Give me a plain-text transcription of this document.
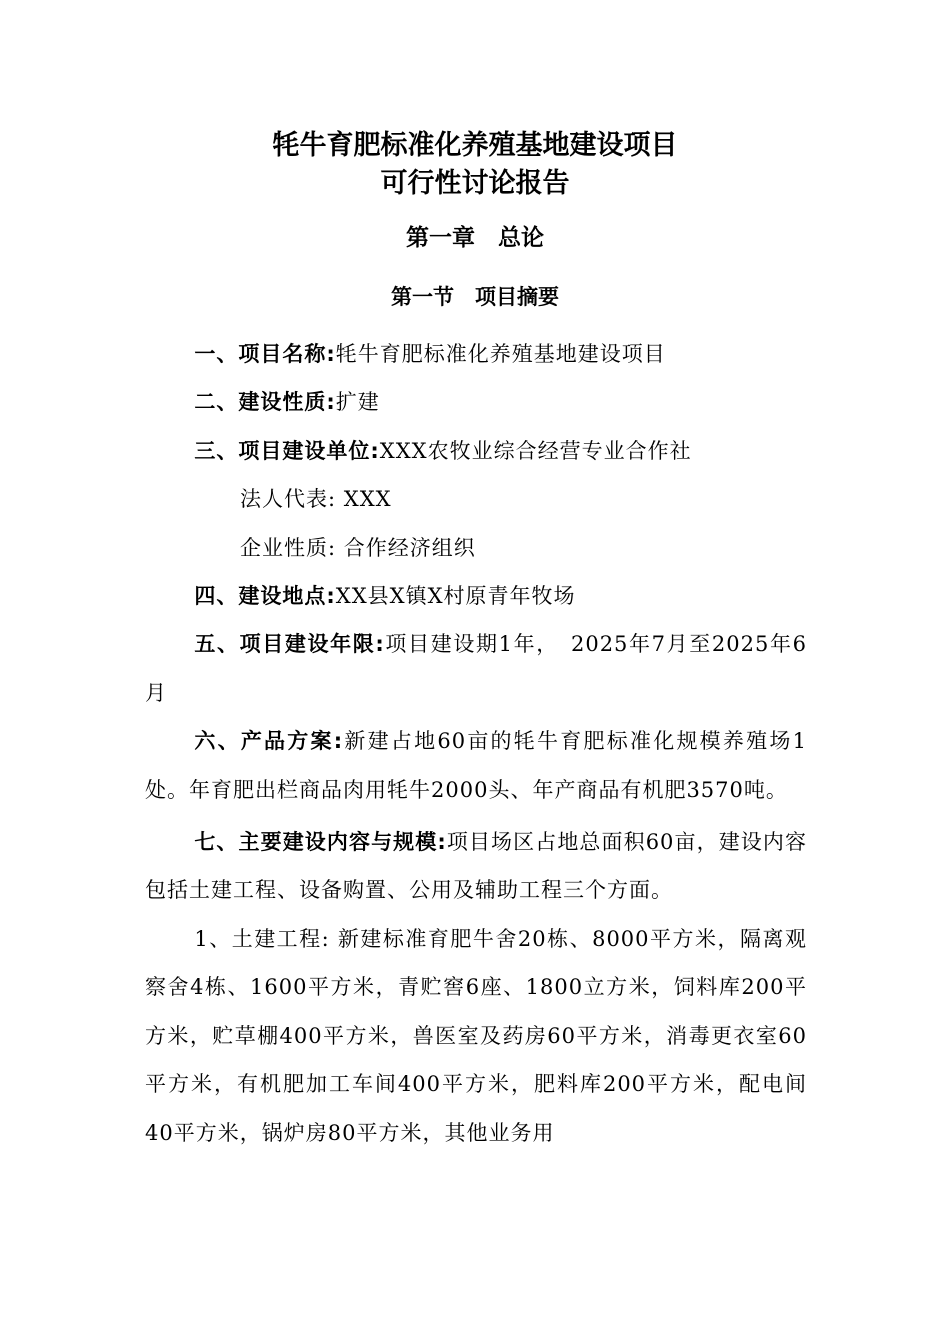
牦牛育肥标准化养殖基地建设项目
可行性讨论报告
第一章　总论
第一节　项目摘要

一、项目名称:牦牛育肥标准化养殖基地建设项目

二、建设性质:扩建

三、项目建设单位:XXX农牧业综合经营专业合作社

法人代表: XXX

企业性质: 合作经济组织

四、建设地点:XX县X镇X村原青年牧场

五、项目建设年限:项目建设期1年，　2025年7月至2025年6月

六、产品方案:新建占地60亩的牦牛育肥标准化规模养殖场1处。年育肥出栏商品肉用牦牛2000头、年产商品有机肥3570吨。

七、主要建设内容与规模:项目场区占地总面积60亩，建设内容包括土建工程、设备购置、公用及辅助工程三个方面。

1、土建工程: 新建标准育肥牛舍20栋、8000平方米，隔离观察舍4栋、1600平方米，青贮窖6座、1800立方米，饲料库200平方米，贮草棚400平方米，兽医室及药房60平方米，消毒更衣室60平方米，有机肥加工车间400平方米，肥料库200平方米，配电间40平方米，锅炉房80平方米，其他业务用
